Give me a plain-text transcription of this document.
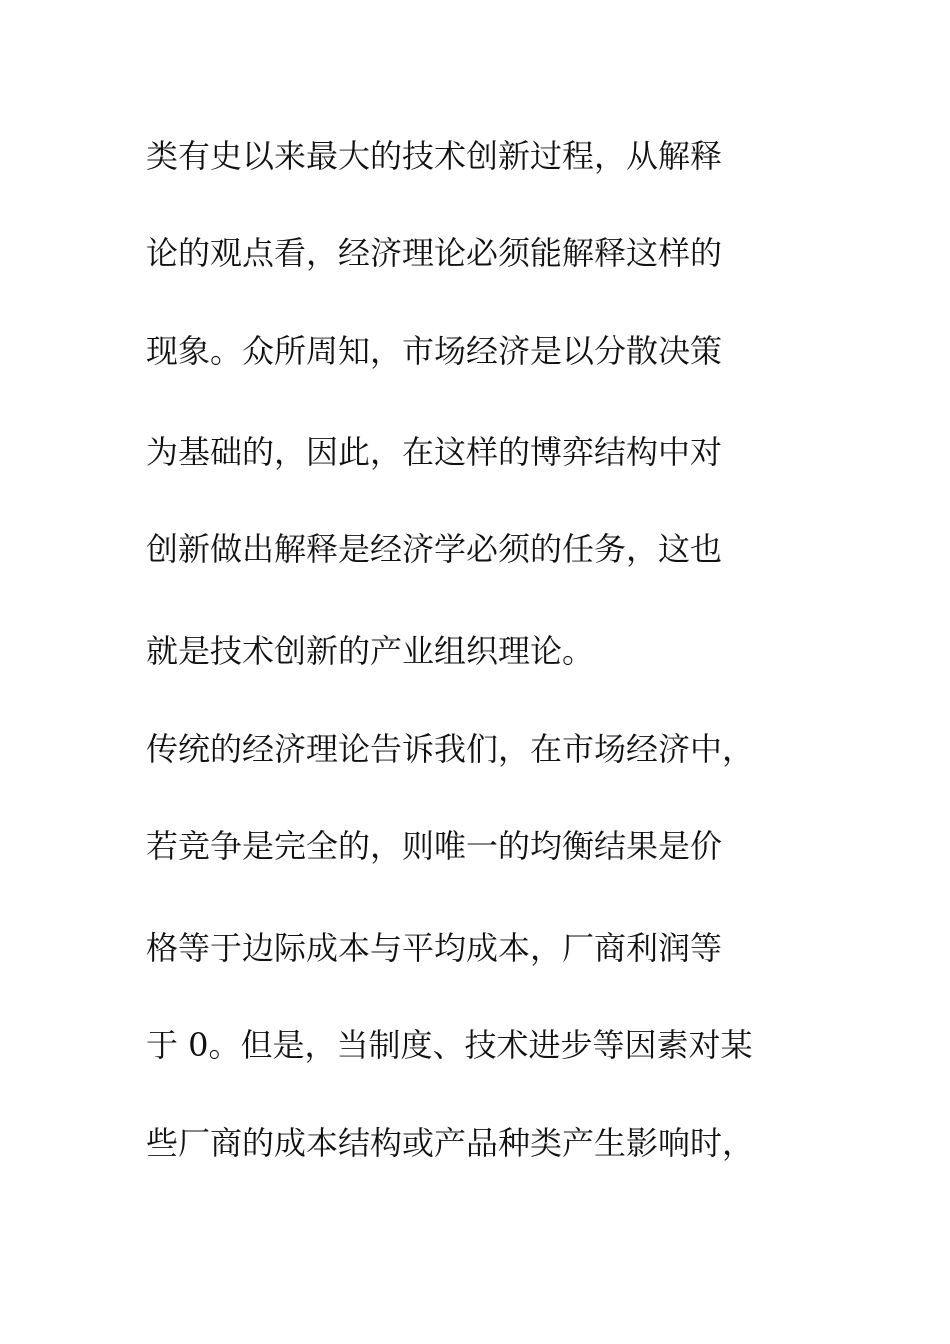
类有史以来最大的技术创新过程，从解释

论的观点看，经济理论必须能解释这样的

现象。众所周知，市场经济是以分散决策

为基础的，因此，在这样的博弈结构中对

创新做出解释是经济学必须的任务，这也

就是技术创新的产业组织理论。

传统的经济理论告诉我们，在市场经济中，

若竞争是完全的，则唯一的均衡结果是价

格等于边际成本与平均成本，厂商利润等

于 0。但是，当制度、技术进步等因素对某

些厂商的成本结构或产品种类产生影响时，
